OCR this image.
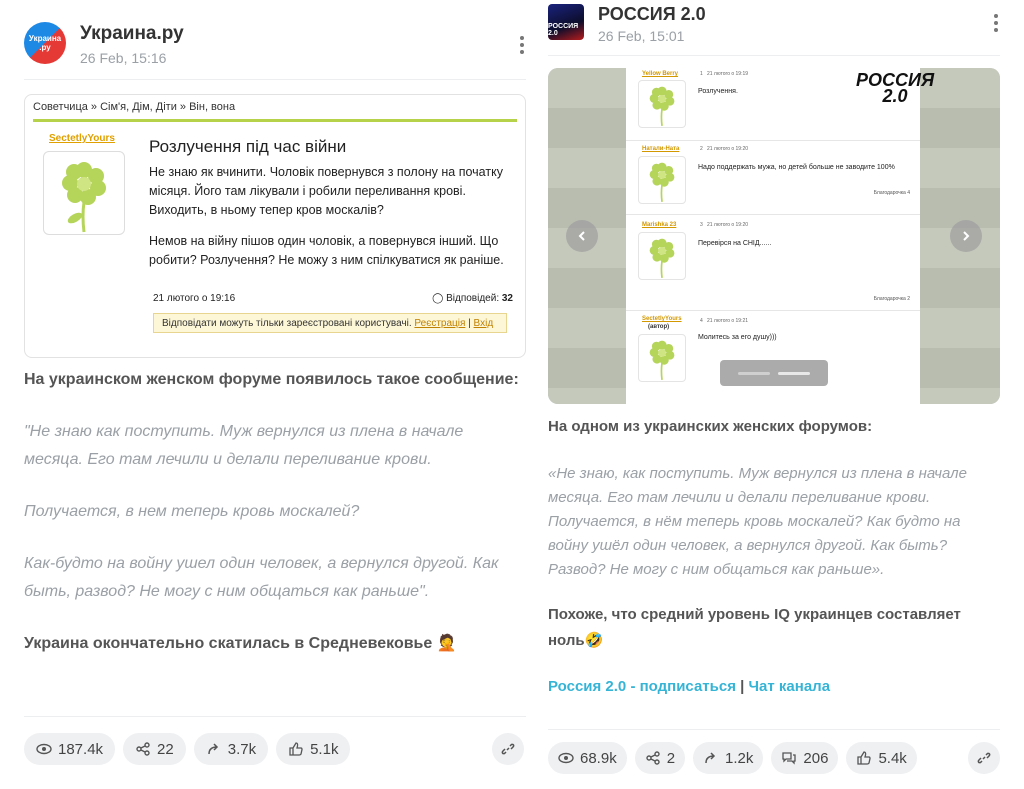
Украина
.ру
Украина.ру
26 Feb, 15:16
Советчица » Сім'я, Дім, Діти » Він, вона
SectetlyYours Розлучення під час війни

Не знаю як вчинити. Чоловік повернувся з полону на початку місяця. Його там лікували і робили переливання крові. Виходить, в ньому тепер кров москалів?

Немов на війну пішов один чоловік, а повернувся інший. Що робити? Розлучення? Не можу з ним спілкуватися як раніше.

21 лютого о 19:16	◯ Відповідей: 32
Відповідати можуть тільки зареєстровані користувачі. Реєстрація | Вхід

На украинском женском форуме появилось такое сообщение:

"Не знаю как поступить. Муж вернулся из плена в начале месяца. Его там лечили и делали переливание крови.

Получается, в нем теперь кровь москалей?

Как-будто на войну ушел один человек, а вернулся другой. Как быть, развод? Не могу с ним общаться как раньше".

Украина окончательно скатилась в Средневековье 🤦

187.4k	22	3.7k	5.1k
РОССИЯ 2.0
РОССИЯ 2.0
26 Feb, 15:01
РОССИЯ
2.0
Yellow Berry	1 21 лютого о 19:19
Розлучення.
Натали-Ната	2 21 лютого о 19:20
Надо поддержать мужа, но детей больше не заводите 100%
Благодарочка 4
Marishka 23	3 21 лютого о 19:20
Перевірся на СНІД......
Благодарочка 2
SectetlyYours
(автор)
4 21 лютого о 19:21
Молитесь за его душу)))

На одном из украинских женских форумов:

«Не знаю, как поступить. Муж вернулся из плена в начале месяца. Его там лечили и делали переливание крови. Получается, в нём теперь кровь москалей? Как будто на войну ушёл один человек, а вернулся другой. Как быть? Развод? Не могу с ним общаться как раньше».

Похоже, что средний уровень IQ украинцев составляет ноль🤣

Россия 2.0 - подписаться | Чат канала

68.9k	2	1.2k	206	5.4k
